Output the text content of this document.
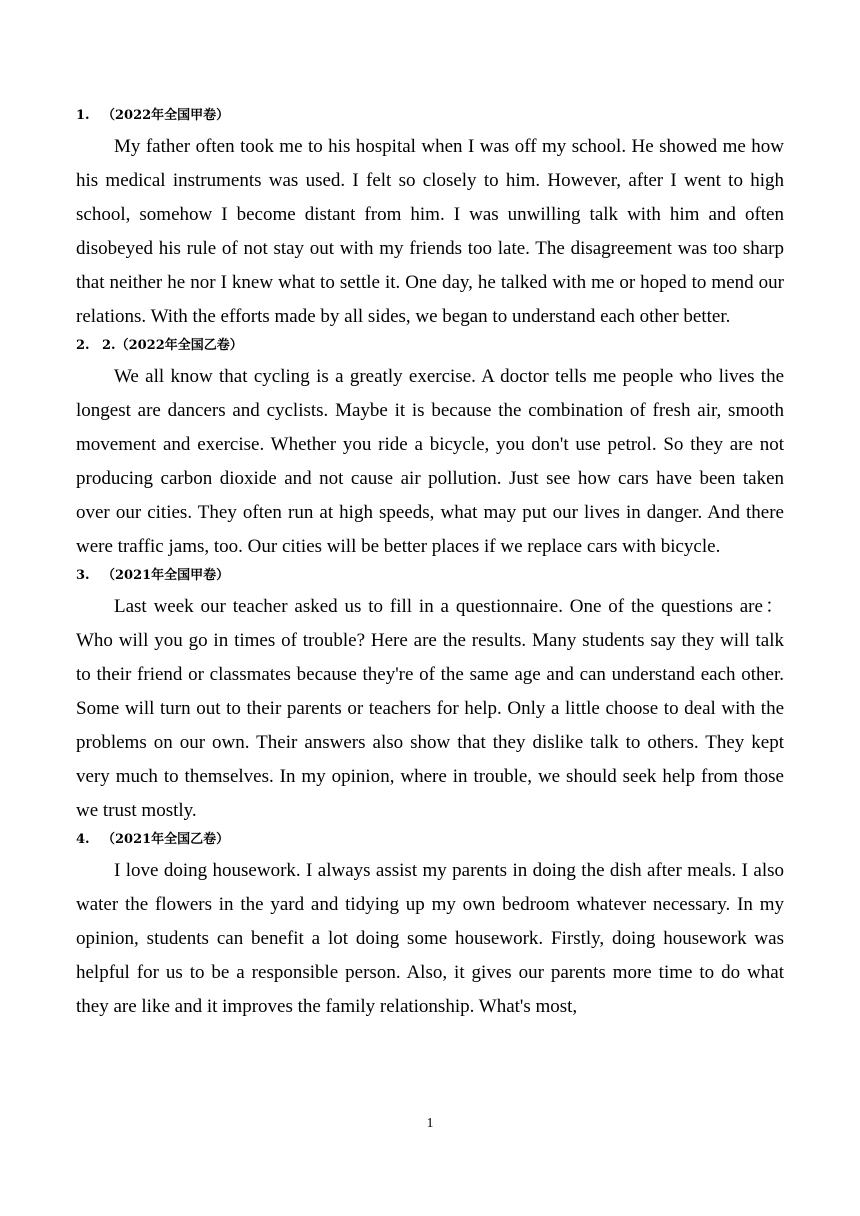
1. （2022年全国甲卷）

My father often took me to his hospital when I was off my school. He showed me how his medical instruments was used. I felt so closely to him. However, after I went to high school, somehow I become distant from him. I was unwilling talk with him and often disobeyed his rule of not stay out with my friends too late. The disagreement was too sharp that neither he nor I knew what to settle it. One day, he talked with me or hoped to mend our relations. With the efforts made by all sides, we began to understand each other better.

2. 2.（2022年全国乙卷）

We all know that cycling is a greatly exercise. A doctor tells me people who lives the longest are dancers and cyclists. Maybe it is because the combination of fresh air, smooth movement and exercise. Whether you ride a bicycle, you don't use petrol. So they are not producing carbon dioxide and not cause air pollution. Just see how cars have been taken over our cities. They often run at high speeds, what may put our lives in danger. And there were traffic jams, too. Our cities will be better places if we replace cars with bicycle.

3. （2021年全国甲卷）

Last week our teacher asked us to fill in a questionnaire. One of the questions are：Who will you go in times of trouble? Here are the results. Many students say they will talk to their friend or classmates because they're of the same age and can understand each other. Some will turn out to their parents or teachers for help. Only a little choose to deal with the problems on our own. Their answers also show that they dislike talk to others. They kept very much to themselves. In my opinion, where in trouble, we should seek help from those we trust mostly.

4. （2021年全国乙卷）

I love doing housework. I always assist my parents in doing the dish after meals. I also water the flowers in the yard and tidying up my own bedroom whatever necessary. In my opinion, students can benefit a lot doing some housework. Firstly, doing housework was helpful for us to be a responsible person. Also, it gives our parents more time to do what they are like and it improves the family relationship. What's most,

1
